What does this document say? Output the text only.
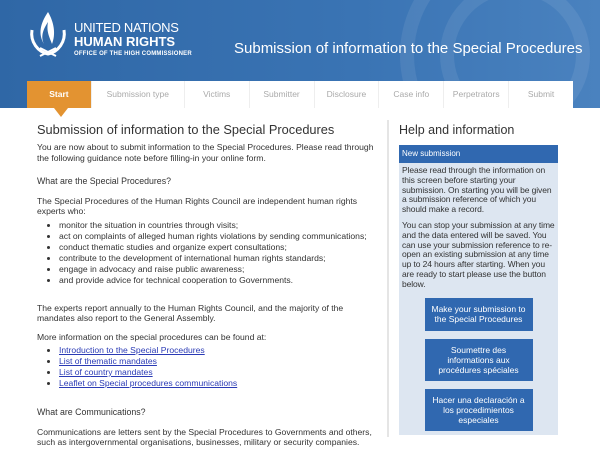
UNITED NATIONS
HUMAN RIGHTS
OFFICE OF THE HIGH COMMISSIONER	Submission of information to the Special Procedures
Start	Submission type	Victims	Submitter	Disclosure	Case info	Perpetrators	Submit
Submission of information to the Special Procedures

You are now about to submit information to the Special Procedures. Please read through the following guidance note before filling-in your online form.

What are the Special Procedures?

The Special Procedures of the Human Rights Council are independent human rights experts who:

• monitor the situation in countries through visits;
• act on complaints of alleged human rights violations by sending communications;
• conduct thematic studies and organize expert consultations;
• contribute to the development of international human rights standards;
• engage in advocacy and raise public awareness;
• and provide advice for technical cooperation to Governments.

The experts report annually to the Human Rights Council, and the majority of the mandates also report to the General Assembly.

More information on the special procedures can be found at:

• Introduction to the Special Procedures
• List of thematic mandates
• List of country mandates
• Leaflet on Special procedures communications
What are Communications?

Communications are letters sent by the Special Procedures to Governments and others, such as intergovernmental organisations, businesses, military or security companies.

Help and information
New submission

Please read through the information on this screen before starting your submission. On starting you will be given a submission reference of which you should make a record.

You can stop your submission at any time and the data entered will be saved. You can use your submission reference to re-open an existing submission at any time up to 24 hours after starting. When you are ready to start please use the button below.

Make your submission to the Special Procedures
Soumettre des informations aux procédures spéciales
Hacer una declaración a los procedimientos especiales
